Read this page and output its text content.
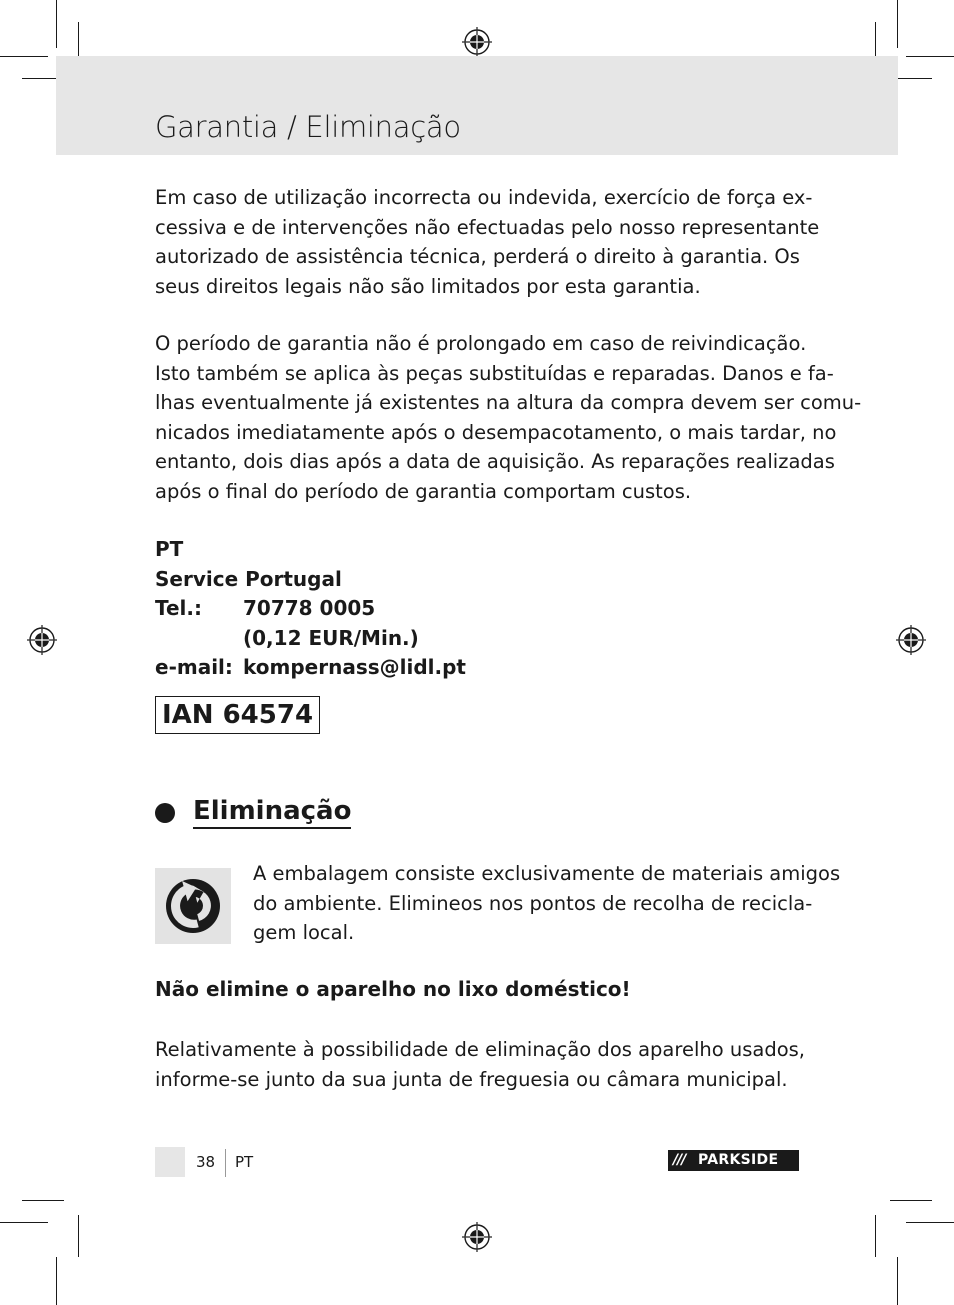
Garantia / Eliminação
Em caso de utilização incorrecta ou indevida, exercício de força ex-
cessiva e de intervenções não efectuadas pelo nosso representante
autorizado de assistência técnica, perderá o direito à garantia. Os
seus direitos legais não são limitados por esta garantia.
O período de garantia não é prolongado em caso de reivindicação.
Isto também se aplica às peças substituídas e reparadas. Danos e fa-
lhas eventualmente já existentes na altura da compra devem ser comu-
nicados imediatamente após o desempacotamento, o mais tardar, no
entanto, dois dias após a data de aquisição. As reparações realizadas
após o final do período de garantia comportam custos.
PT
Service Portugal
Tel.: 70778 0005
(0,12 EUR/Min.)
e-mail: kompernass@lidl.pt
IAN 64574
Eliminação
A embalagem consiste exclusivamente de materiais amigos
do ambiente. Elimineos nos pontos de recolha de recicla-
gem local.
Não elimine o aparelho no lixo doméstico!
Relativamente à possibilidade de eliminação dos aparelho usados,
informe-se junto da sua junta de freguesia ou câmara municipal.
38 PT	/// PARKSIDE
